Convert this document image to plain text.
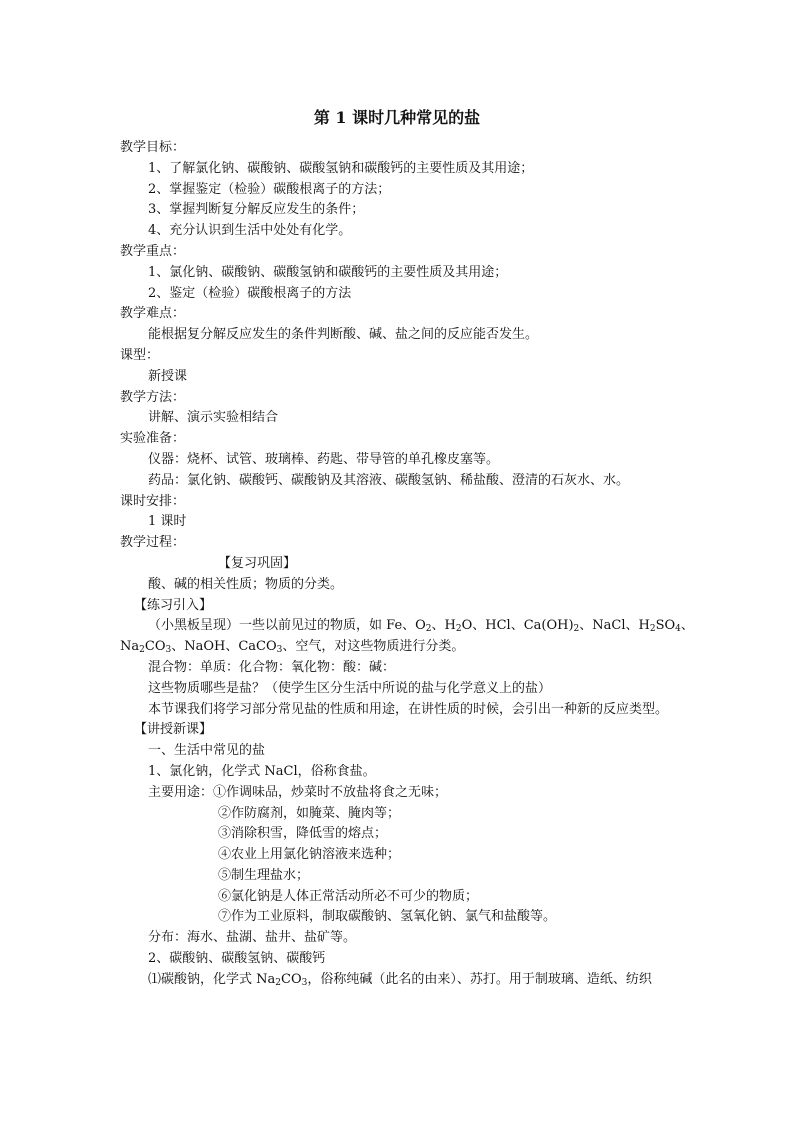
第 1 课时几种常见的盐
教学目标：
1、了解氯化钠、碳酸钠、碳酸氢钠和碳酸钙的主要性质及其用途；
2、掌握鉴定（检验）碳酸根离子的方法；
3、掌握判断复分解反应发生的条件；
4、充分认识到生活中处处有化学。
教学重点：
1、氯化钠、碳酸钠、碳酸氢钠和碳酸钙的主要性质及其用途；
2、鉴定（检验）碳酸根离子的方法
教学难点：
能根据复分解反应发生的条件判断酸、碱、盐之间的反应能否发生。
课型：
新授课
教学方法：
讲解、演示实验相结合
实验准备：
仪器：烧杯、试管、玻璃棒、药匙、带导管的单孔橡皮塞等。
药品：氯化钠、碳酸钙、碳酸钠及其溶液、碳酸氢钠、稀盐酸、澄清的石灰水、水。
课时安排：
1 课时
教学过程：
【复习巩固】
酸、碱的相关性质；物质的分类。
【练习引入】
（小黑板呈现）一些以前见过的物质，如 Fe、$O_2$、$H_2O$、HCl、$Ca(OH)_2$、NaCl、$H_2SO_4$、
$Na_2CO_3$、NaOH、CaCO$_3$、空气，对这些物质进行分类。
混合物：单质：化合物：氧化物：酸：碱：
这些物质哪些是盐？（使学生区分生活中所说的盐与化学意义上的盐）
本节课我们将学习部分常见盐的性质和用途，在讲性质的时候，会引出一种新的反应类型。
【讲授新课】
一、生活中常见的盐
1、氯化钠，化学式 NaCl，俗称食盐。
主要用途：①作调味品，炒菜时不放盐将食之无味；
②作防腐剂，如腌菜、腌肉等；
③消除积雪，降低雪的熔点；
④农业上用氯化钠溶液来选种；
⑤制生理盐水；
⑥氯化钠是人体正常活动所必不可少的物质；
⑦作为工业原料，制取碳酸钠、氢氧化钠、氯气和盐酸等。
分布：海水、盐湖、盐井、盐矿等。
2、碳酸钠、碳酸氢钠、碳酸钙
⑴碳酸钠，化学式 $Na_2CO_3$，俗称纯碱（此名的由来）、苏打。用于制玻璃、造纸、纺织
